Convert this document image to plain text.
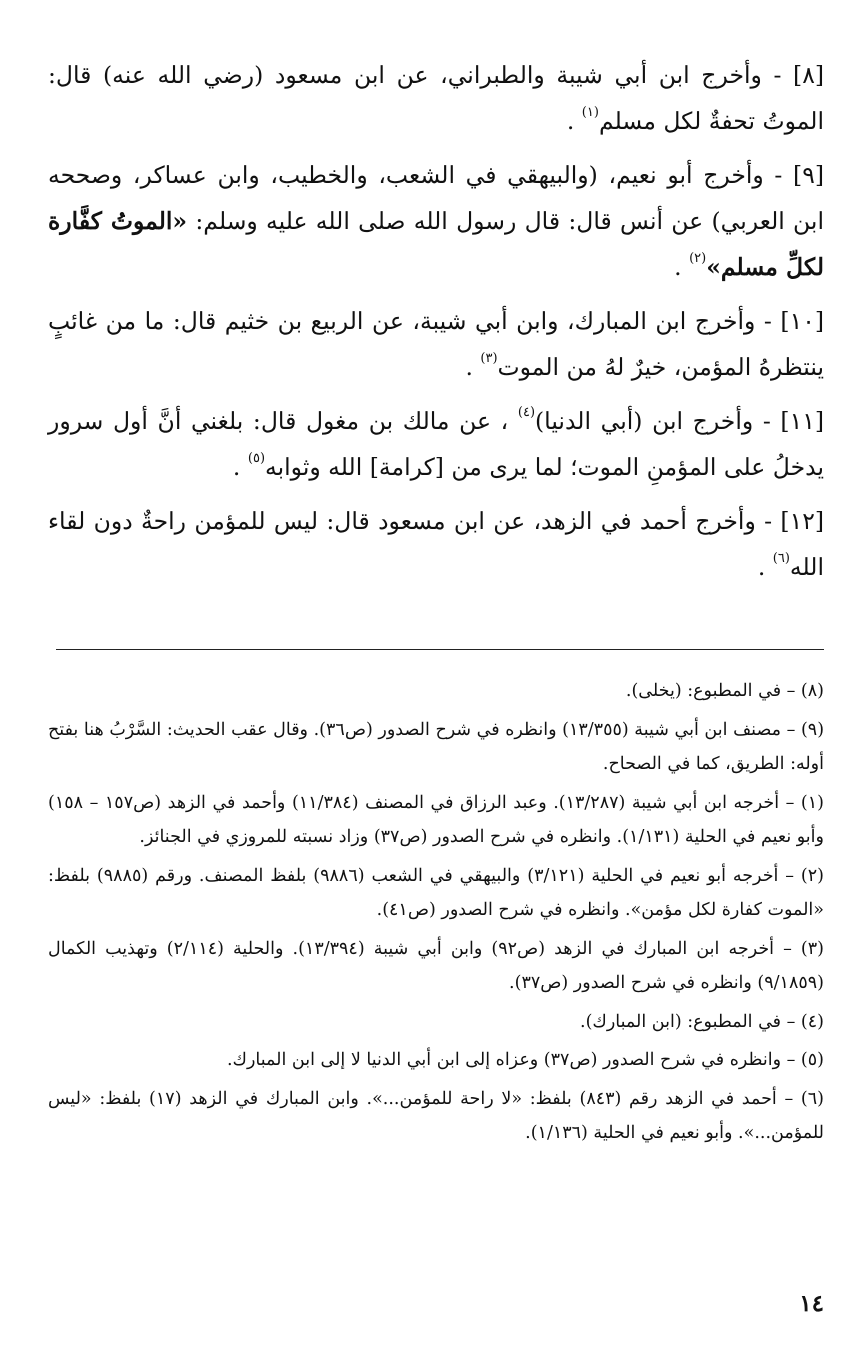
[٨] - وأخرج ابن أبي شيبة والطبراني، عن ابن مسعود (رضي الله عنه) قال: الموتُ تحفةٌ لكل مسلم$^{(١)}$ .

[٩] - وأخرج أبو نعيم، (والبيهقي في الشعب، والخطيب، وابن عساكر، وصححه ابن العربي) عن أنس قال: قال رسول الله صلى الله عليه وسلم: «الموتُ كفَّارة لكلِّ مسلم»$^{(٢)}$ .

[١٠] - وأخرج ابن المبارك، وابن أبي شيبة، عن الربيع بن خثيم قال: ما من غائبٍ ينتظرهُ المؤمن، خيرٌ لهُ من الموت$^{(٣)}$ .

[١١] - وأخرج ابن (أبي الدنيا)$^{(٤)}$ ، عن مالك بن مغول قال: بلغني أنَّ أول سرور يدخلُ على المؤمنِ الموت؛ لما يرى من [كرامة] الله وثوابه$^{(٥)}$ .

[١٢] - وأخرج أحمد في الزهد، عن ابن مسعود قال: ليس للمؤمن راحةٌ دون لقاء الله$^{(٦)}$ .

(٨) – في المطبوع: (يخلى).

(٩) – مصنف ابن أبي شيبة (١٣/٣٥٥) وانظره في شرح الصدور (ص٣٦). وقال عقب الحديث: السَّرْبُ هنا بفتح أوله: الطريق، كما في الصحاح.

(١) – أخرجه ابن أبي شيبة (١٣/٢٨٧). وعبد الرزاق في المصنف (١١/٣٨٤) وأحمد في الزهد (ص١٥٧ – ١٥٨) وأبو نعيم في الحلية (١/١٣١). وانظره في شرح الصدور (ص٣٧) وزاد نسبته للمروزي في الجنائز.

(٢) – أخرجه أبو نعيم في الحلية (٣/١٢١) والبيهقي في الشعب (٩٨٨٦) بلفظ المصنف. ورقم (٩٨٨٥) بلفظ: «الموت كفارة لكل مؤمن». وانظره في شرح الصدور (ص٤١).

(٣) – أخرجه ابن المبارك في الزهد (ص٩٢) وابن أبي شيبة (١٣/٣٩٤). والحلية (٢/١١٤) وتهذيب الكمال (٩/١٨٥٩) وانظره في شرح الصدور (ص٣٧).

(٤) – في المطبوع: (ابن المبارك).

(٥) – وانظره في شرح الصدور (ص٣٧) وعزاه إلى ابن أبي الدنيا لا إلى ابن المبارك.

(٦) – أحمد في الزهد رقم (٨٤٣) بلفظ: «لا راحة للمؤمن...». وابن المبارك في الزهد (١٧) بلفظ: «ليس للمؤمن...». وأبو نعيم في الحلية (١/١٣٦).

١٤
